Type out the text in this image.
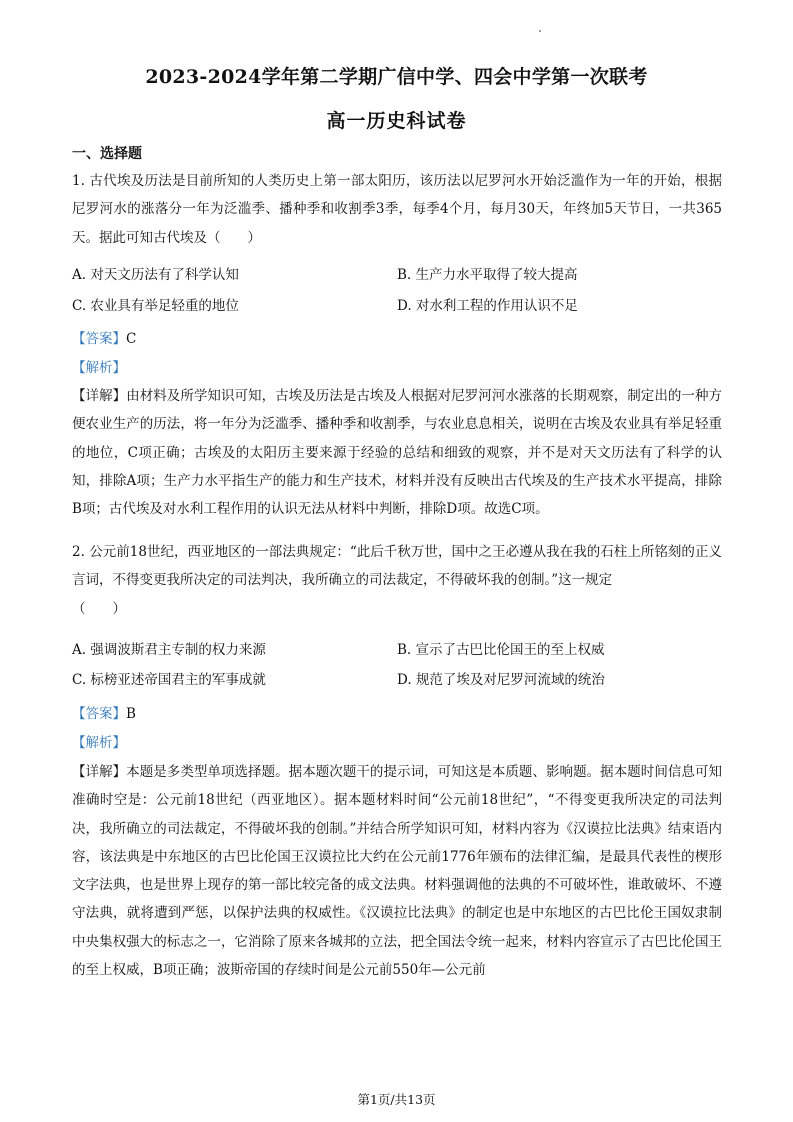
2023-2024学年第二学期广信中学、四会中学第一次联考
高一历史科试卷
一、选择题

1. 古代埃及历法是目前所知的人类历史上第一部太阳历，该历法以尼罗河水开始泛滥作为一年的开始，根据尼罗河水的涨落分一年为泛滥季、播种季和收割季3季，每季4个月，每月30天，年终加5天节日，一共365天。据此可知古代埃及（　　）

A. 对天文历法有了科学认知	B. 生产力水平取得了较大提高
C. 农业具有举足轻重的地位	D. 对水利工程的作用认识不足
【答案】C
【解析】

【详解】由材料及所学知识可知，古埃及历法是古埃及人根据对尼罗河河水涨落的长期观察，制定出的一种方便农业生产的历法，将一年分为泛滥季、播种季和收割季，与农业息息相关，说明在古埃及农业具有举足轻重的地位，C项正确；古埃及的太阳历主要来源于经验的总结和细致的观察，并不是对天文历法有了科学的认知，排除A项；生产力水平指生产的能力和生产技术，材料并没有反映出古代埃及的生产技术水平提高，排除B项；古代埃及对水利工程作用的认识无法从材料中判断，排除D项。故选C项。

2. 公元前18世纪，西亚地区的一部法典规定：“此后千秋万世，国中之王必遵从我在我的石柱上所铭刻的正义言词，不得变更我所决定的司法判决，我所确立的司法裁定，不得破坏我的创制。”这一规定
（　　）

A. 强调波斯君主专制的权力来源	B. 宣示了古巴比伦国王的至上权威
C. 标榜亚述帝国君主的军事成就	D. 规范了埃及对尼罗河流域的统治
【答案】B
【解析】

【详解】本题是多类型单项选择题。据本题次题干的提示词，可知这是本质题、影响题。据本题时间信息可知准确时空是：公元前18世纪（西亚地区）。据本题材料时间“公元前18世纪”，“不得变更我所决定的司法判决，我所确立的司法裁定，不得破坏我的创制。”并结合所学知识可知，材料内容为《汉谟拉比法典》结束语内容，该法典是中东地区的古巴比伦国王汉谟拉比大约在公元前1776年颁布的法律汇编，是最具代表性的楔形文字法典，也是世界上现存的第一部比较完备的成文法典。材料强调他的法典的不可破坏性，谁敢破坏、不遵守法典，就将遭到严惩，以保护法典的权威性。《汉谟拉比法典》的制定也是中东地区的古巴比伦王国奴隶制中央集权强大的标志之一，它消除了原来各城邦的立法，把全国法令统一起来，材料内容宣示了古巴比伦国王的至上权威，B项正确；波斯帝国的存续时间是公元前550年—公元前

第1页/共13页
